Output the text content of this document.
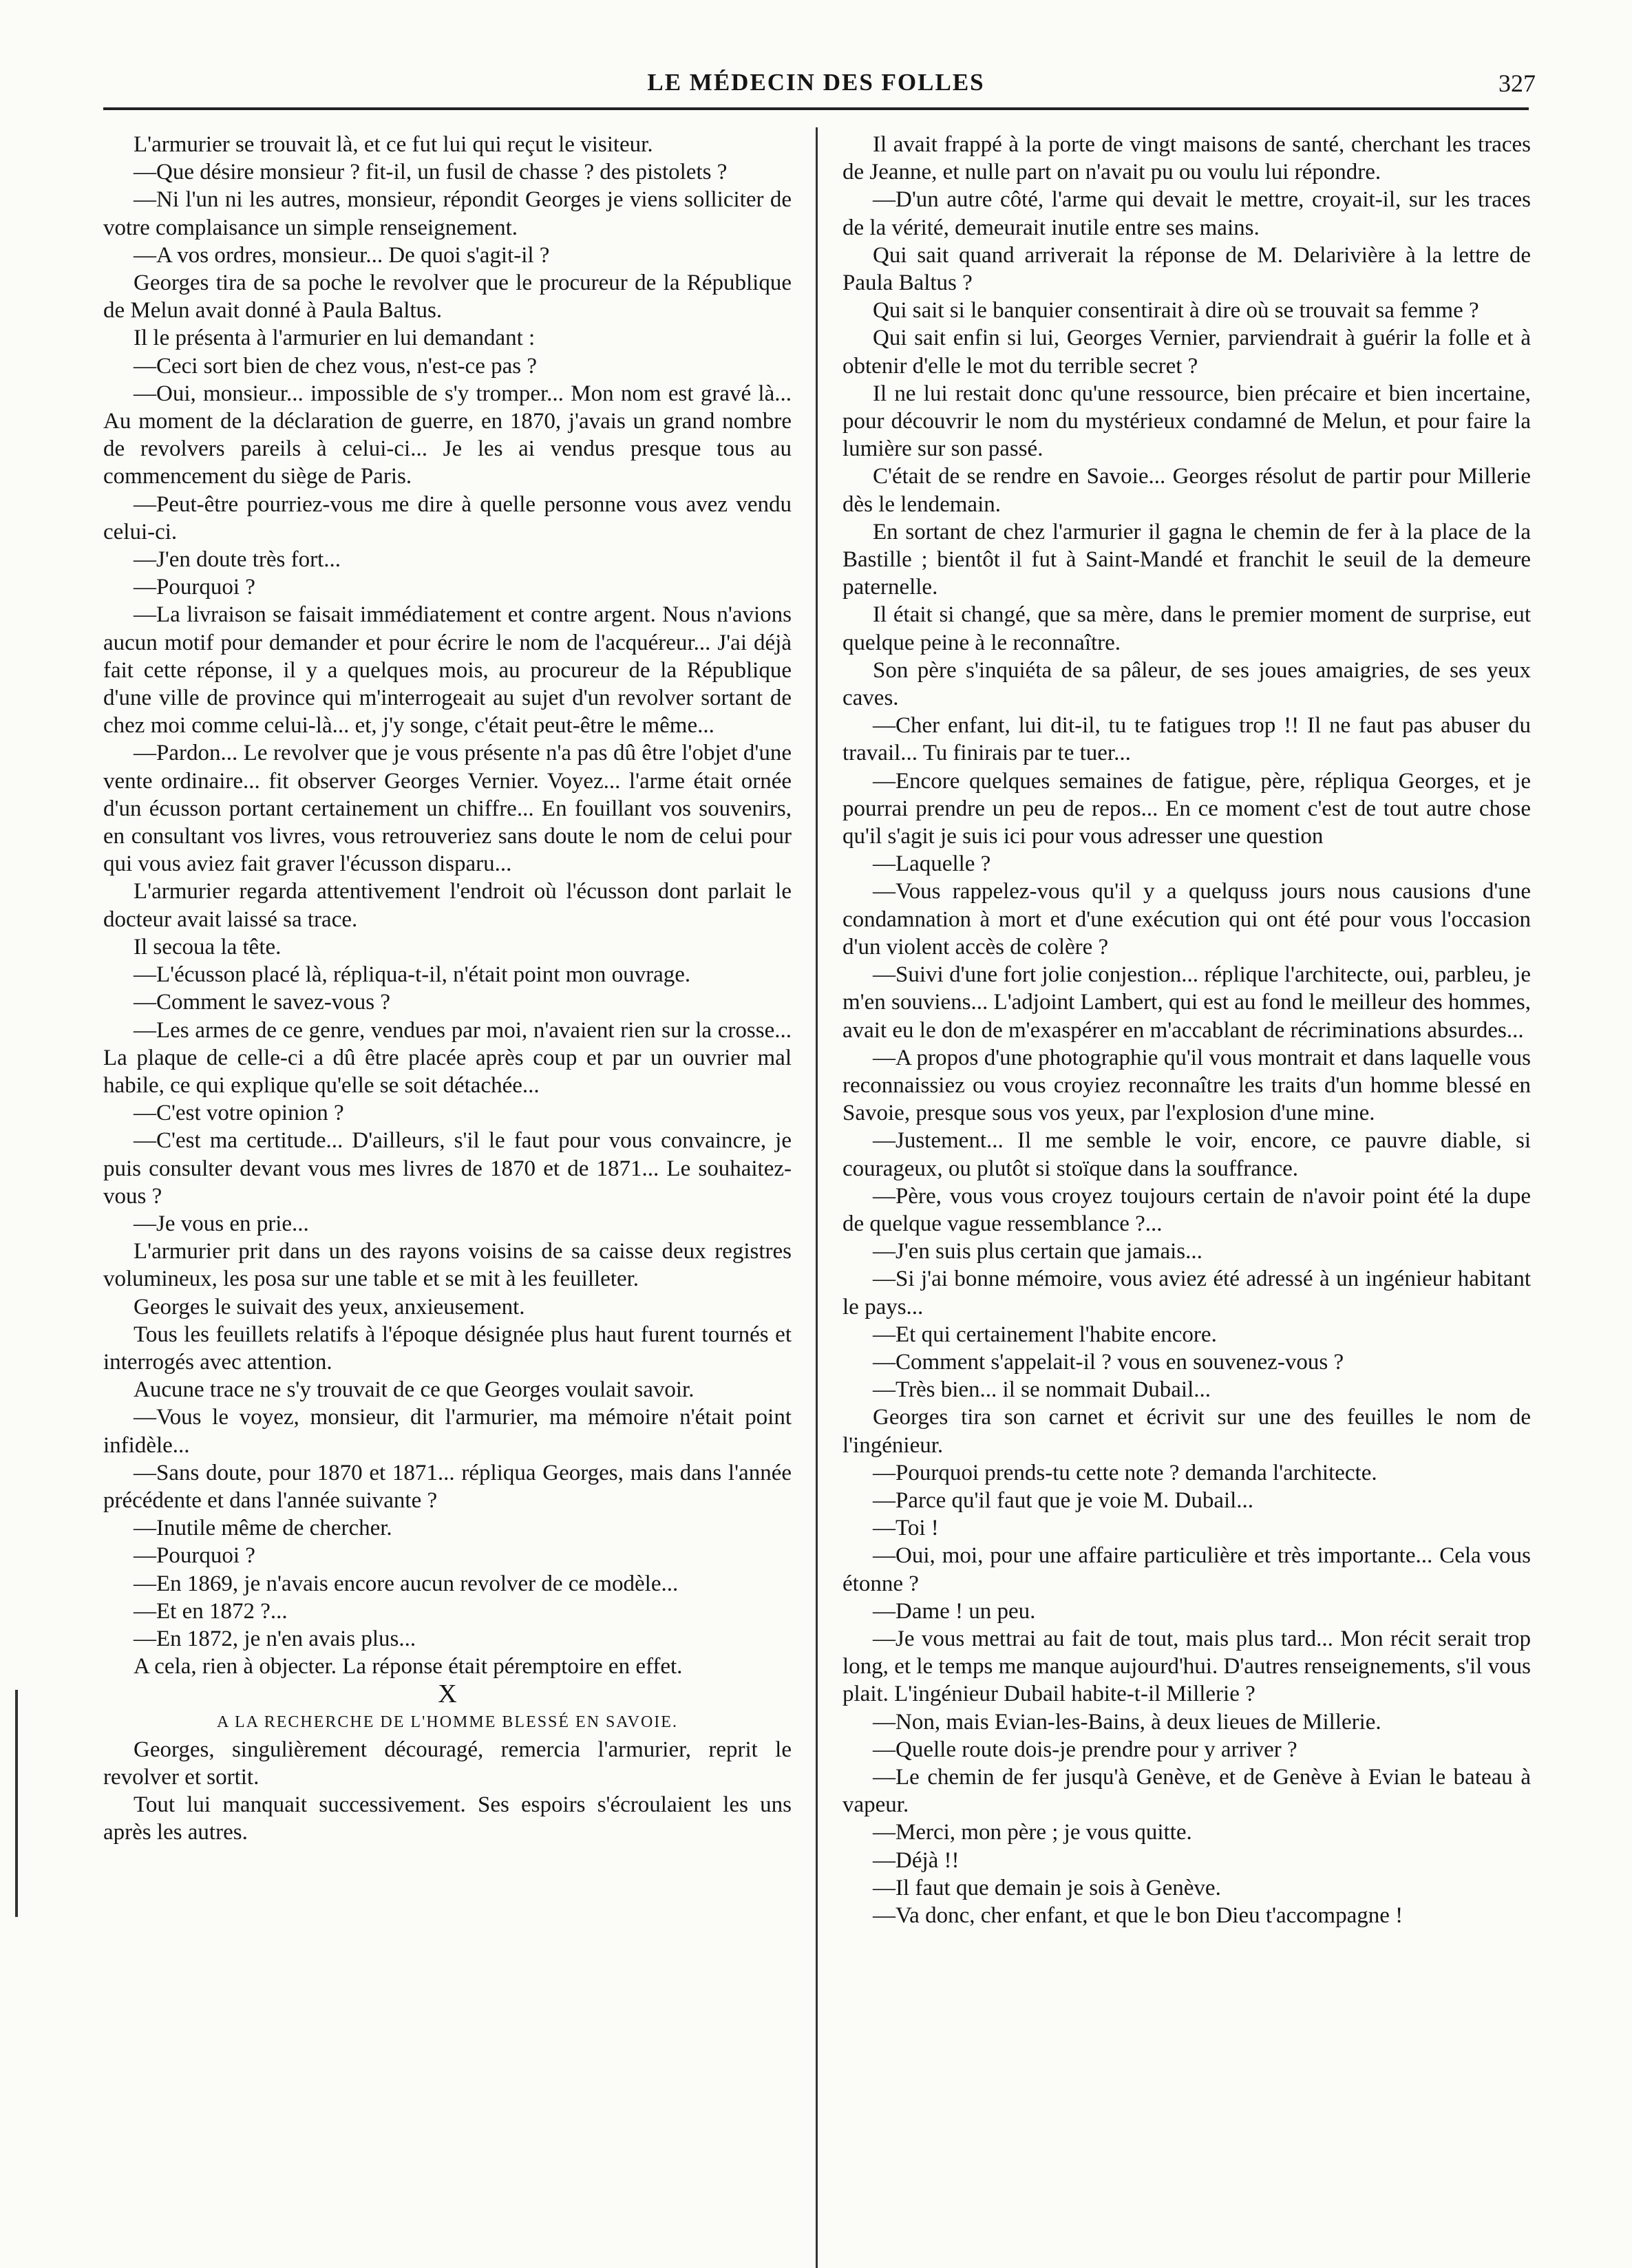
LE MÉDECIN DES FOLLES	327

L'armurier se trouvait là, et ce fut lui qui reçut le visiteur.

—Que désire monsieur ? fit-il, un fusil de chasse ? des pistolets ?

—Ni l'un ni les autres, monsieur, répondit Georges je viens solliciter de votre complaisance un simple renseignement.

—A vos ordres, monsieur... De quoi s'agit-il ?

Georges tira de sa poche le revolver que le procureur de la République de Melun avait donné à Paula Baltus.

Il le présenta à l'armurier en lui demandant :

—Ceci sort bien de chez vous, n'est-ce pas ?

—Oui, monsieur... impossible de s'y tromper... Mon nom est gravé là... Au moment de la déclaration de guerre, en 1870, j'avais un grand nombre de revolvers pareils à celui-ci... Je les ai vendus presque tous au commencement du siège de Paris.

—Peut-être pourriez-vous me dire à quelle personne vous avez vendu celui-ci.

—J'en doute très fort...

—Pourquoi ?

—La livraison se faisait immédiatement et contre argent. Nous n'avions aucun motif pour demander et pour écrire le nom de l'acquéreur... J'ai déjà fait cette réponse, il y a quelques mois, au procureur de la République d'une ville de province qui m'interrogeait au sujet d'un revolver sortant de chez moi comme celui-là... et, j'y songe, c'était peut-être le même...

—Pardon... Le revolver que je vous présente n'a pas dû être l'objet d'une vente ordinaire... fit observer Georges Vernier. Voyez... l'arme était ornée d'un écusson portant certainement un chiffre... En fouillant vos souvenirs, en consultant vos livres, vous retrouveriez sans doute le nom de celui pour qui vous aviez fait graver l'écusson disparu...

L'armurier regarda attentivement l'endroit où l'écusson dont parlait le docteur avait laissé sa trace.

Il secoua la tête.

—L'écusson placé là, répliqua-t-il, n'était point mon ouvrage.

—Comment le savez-vous ?

—Les armes de ce genre, vendues par moi, n'avaient rien sur la crosse... La plaque de celle-ci a dû être placée après coup et par un ouvrier mal habile, ce qui explique qu'elle se soit détachée...

—C'est votre opinion ?

—C'est ma certitude... D'ailleurs, s'il le faut pour vous convaincre, je puis consulter devant vous mes livres de 1870 et de 1871... Le souhaitez-vous ?

—Je vous en prie...

L'armurier prit dans un des rayons voisins de sa caisse deux registres volumineux, les posa sur une table et se mit à les feuilleter.

Georges le suivait des yeux, anxieusement.

Tous les feuillets relatifs à l'époque désignée plus haut furent tournés et interrogés avec attention.

Aucune trace ne s'y trouvait de ce que Georges voulait savoir.

—Vous le voyez, monsieur, dit l'armurier, ma mémoire n'était point infidèle...

—Sans doute, pour 1870 et 1871... répliqua Georges, mais dans l'année précédente et dans l'année suivante ?

—Inutile même de chercher.

—Pourquoi ?

—En 1869, je n'avais encore aucun revolver de ce modèle...

—Et en 1872 ?...

—En 1872, je n'en avais plus...

A cela, rien à objecter. La réponse était péremptoire en effet.

X

A LA RECHERCHE DE L'HOMME BLESSÉ EN SAVOIE.

Georges, singulièrement découragé, remercia l'armurier, reprit le revolver et sortit.

Tout lui manquait successivement. Ses espoirs s'écroulaient les uns après les autres.

Il avait frappé à la porte de vingt maisons de santé, cherchant les traces de Jeanne, et nulle part on n'avait pu ou voulu lui répondre.

—D'un autre côté, l'arme qui devait le mettre, croyait-il, sur les traces de la vérité, demeurait inutile entre ses mains.

Qui sait quand arriverait la réponse de M. Delarivière à la lettre de Paula Baltus ?

Qui sait si le banquier consentirait à dire où se trouvait sa femme ?

Qui sait enfin si lui, Georges Vernier, parviendrait à guérir la folle et à obtenir d'elle le mot du terrible secret ?

Il ne lui restait donc qu'une ressource, bien précaire et bien incertaine, pour découvrir le nom du mystérieux condamné de Melun, et pour faire la lumière sur son passé.

C'était de se rendre en Savoie... Georges résolut de partir pour Millerie dès le lendemain.

En sortant de chez l'armurier il gagna le chemin de fer à la place de la Bastille ; bientôt il fut à Saint-Mandé et franchit le seuil de la demeure paternelle.

Il était si changé, que sa mère, dans le premier moment de surprise, eut quelque peine à le reconnaître.

Son père s'inquiéta de sa pâleur, de ses joues amaigries, de ses yeux caves.

—Cher enfant, lui dit-il, tu te fatigues trop !! Il ne faut pas abuser du travail... Tu finirais par te tuer...

—Encore quelques semaines de fatigue, père, répliqua Georges, et je pourrai prendre un peu de repos... En ce moment c'est de tout autre chose qu'il s'agit je suis ici pour vous adresser une question

—Laquelle ?

—Vous rappelez-vous qu'il y a quelquss jours nous causions d'une condamnation à mort et d'une exécution qui ont été pour vous l'occasion d'un violent accès de colère ?

—Suivi d'une fort jolie conjestion... réplique l'architecte, oui, parbleu, je m'en souviens... L'adjoint Lambert, qui est au fond le meilleur des hommes, avait eu le don de m'exaspérer en m'accablant de récriminations absurdes...

—A propos d'une photographie qu'il vous montrait et dans laquelle vous reconnaissiez ou vous croyiez reconnaître les traits d'un homme blessé en Savoie, presque sous vos yeux, par l'explosion d'une mine.

—Justement... Il me semble le voir, encore, ce pauvre diable, si courageux, ou plutôt si stoïque dans la souffrance.

—Père, vous vous croyez toujours certain de n'avoir point été la dupe de quelque vague ressemblance ?...

—J'en suis plus certain que jamais...

—Si j'ai bonne mémoire, vous aviez été adressé à un ingénieur habitant le pays...

—Et qui certainement l'habite encore.

—Comment s'appelait-il ? vous en souvenez-vous ?

—Très bien... il se nommait Dubail...

Georges tira son carnet et écrivit sur une des feuilles le nom de l'ingénieur.

—Pourquoi prends-tu cette note ? demanda l'architecte.

—Parce qu'il faut que je voie M. Dubail...

—Toi !

—Oui, moi, pour une affaire particulière et très importante... Cela vous étonne ?

—Dame ! un peu.

—Je vous mettrai au fait de tout, mais plus tard... Mon récit serait trop long, et le temps me manque aujourd'hui. D'autres renseignements, s'il vous plait. L'ingénieur Dubail habite-t-il Millerie ?

—Non, mais Evian-les-Bains, à deux lieues de Millerie.

—Quelle route dois-je prendre pour y arriver ?

—Le chemin de fer jusqu'à Genève, et de Genève à Evian le bateau à vapeur.

—Merci, mon père ; je vous quitte.

—Déjà !!

—Il faut que demain je sois à Genève.

—Va donc, cher enfant, et que le bon Dieu t'accompagne !
